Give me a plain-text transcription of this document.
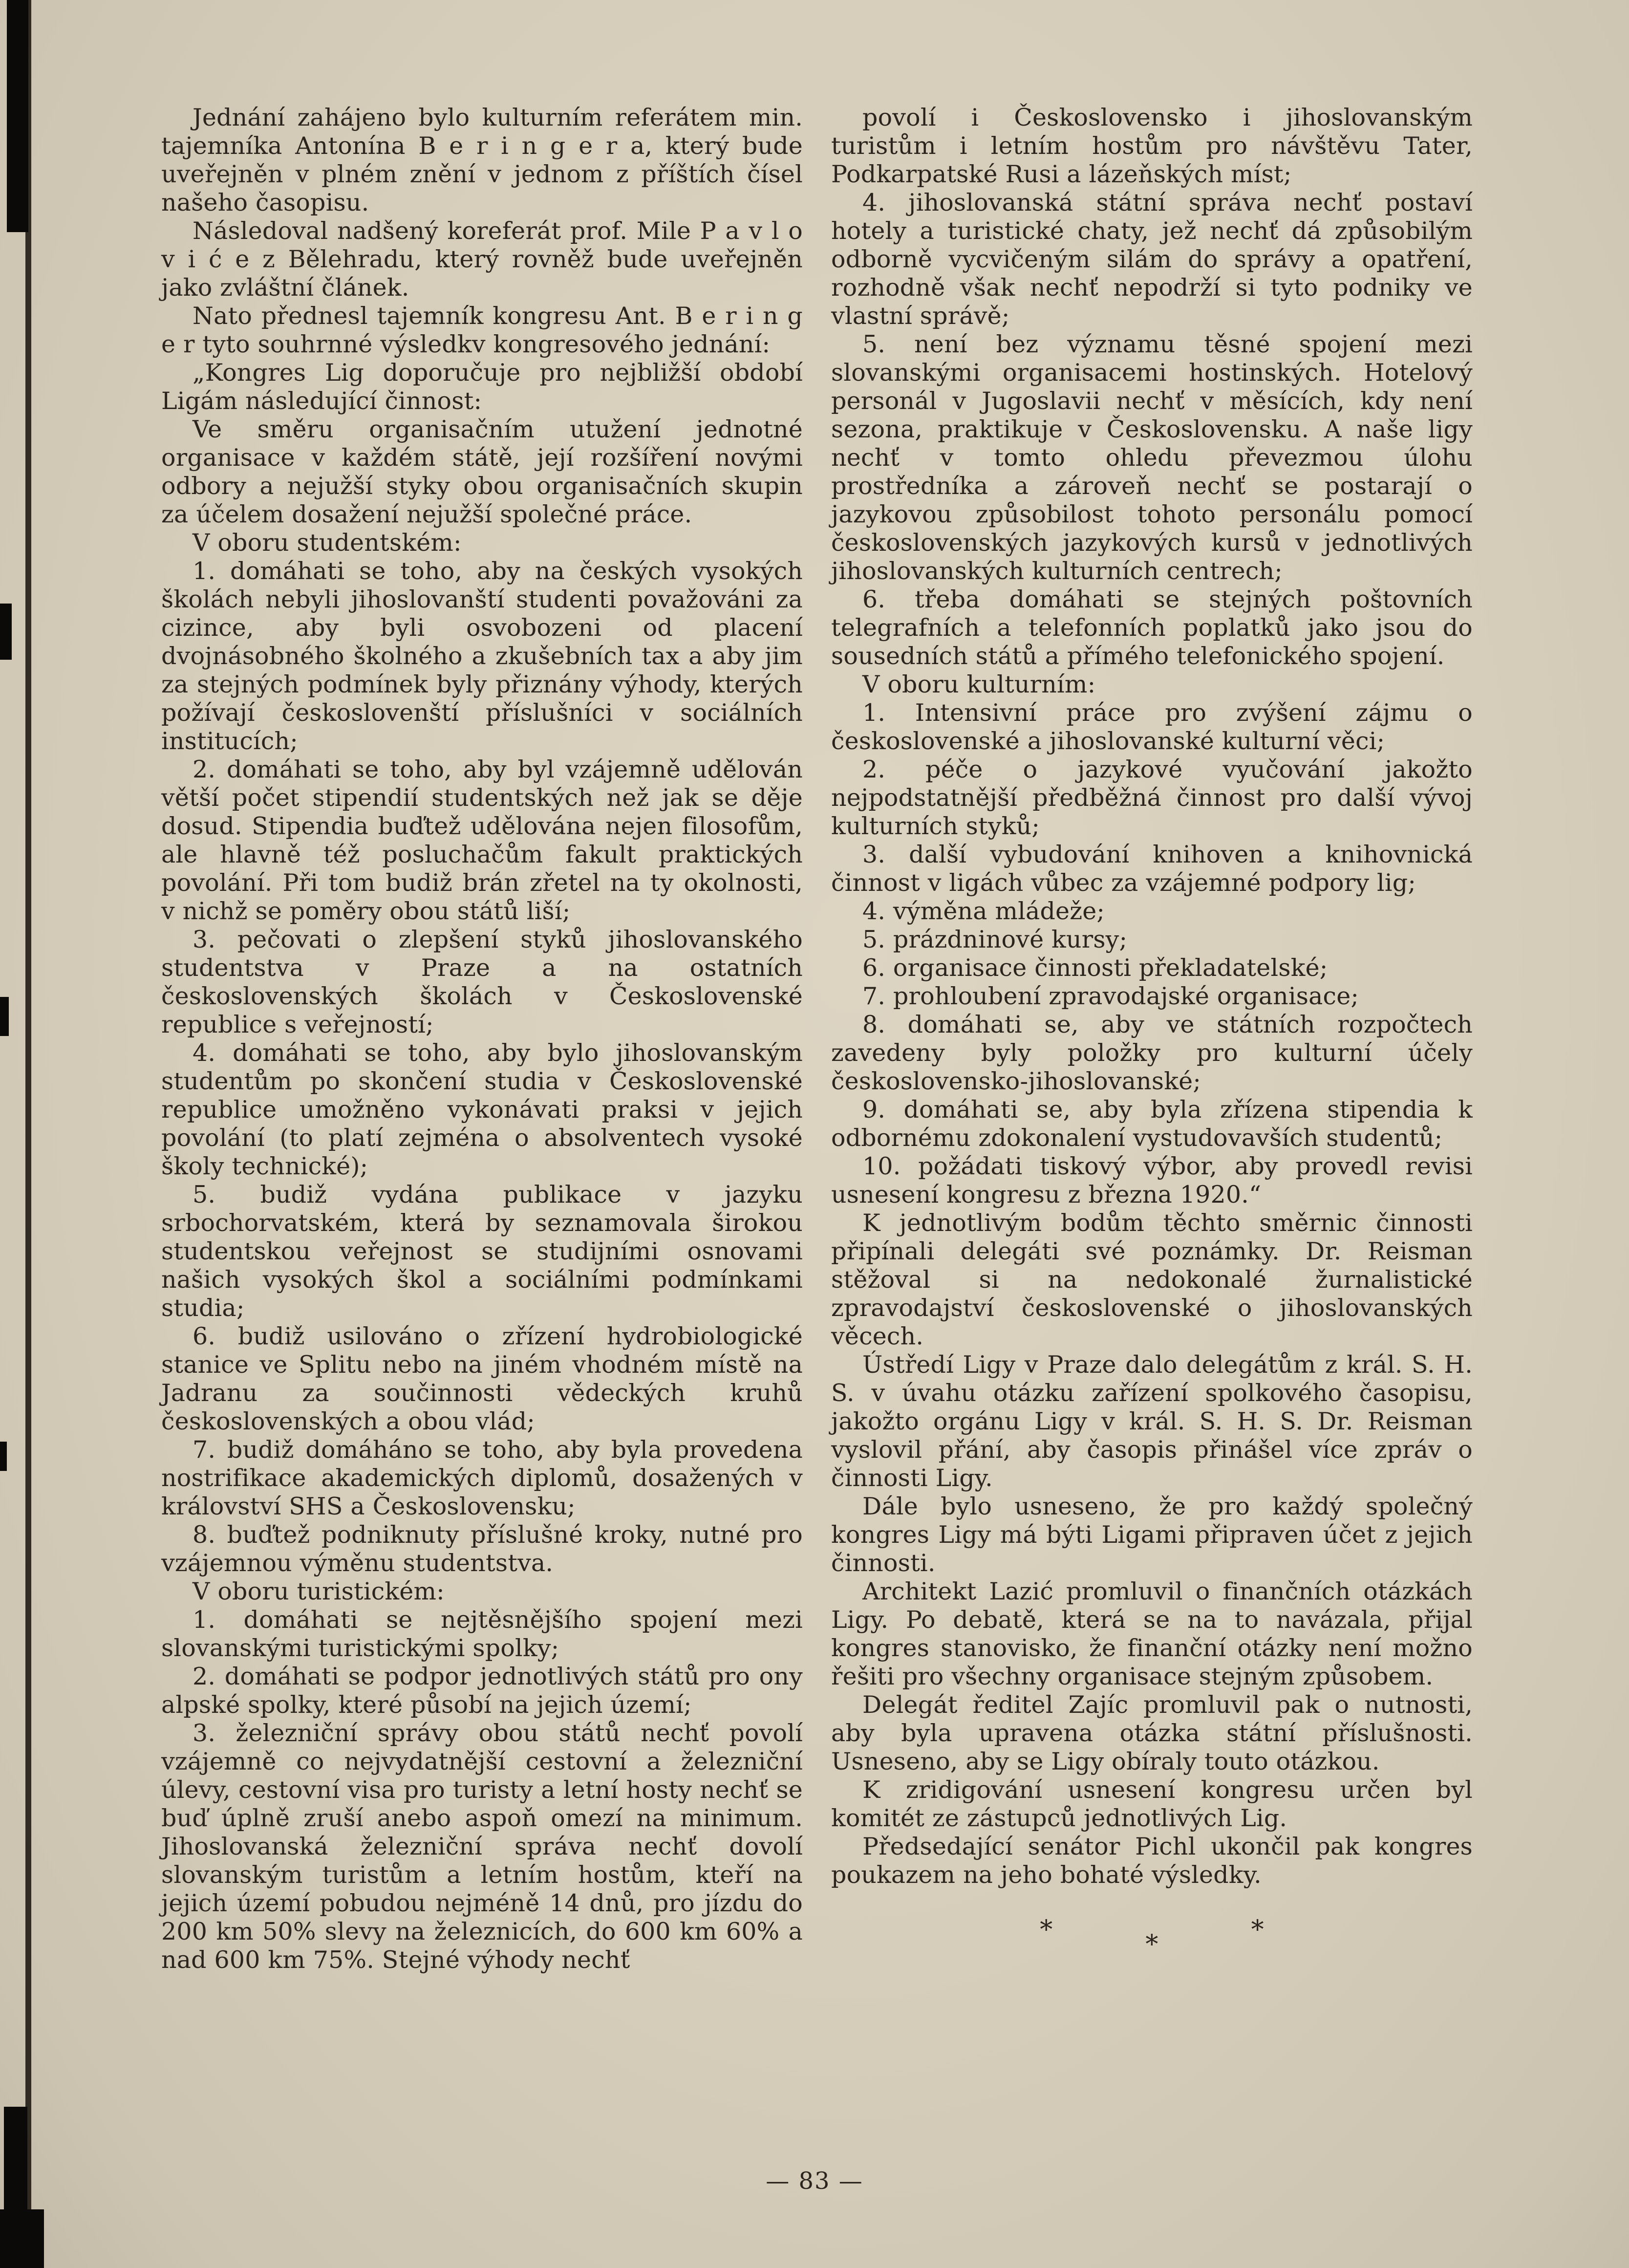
Jednání zahájeno bylo kulturním referátem min. tajemníka Antonína B e r i n g e r a, který bude uveřejněn v plném znění v jednom z příštích čísel našeho časopisu.

Následoval nadšený koreferát prof. Mile P a v l o v i ć e z Bělehradu, který rovněž bude uveřejněn jako zvláštní článek.

Nato přednesl tajemník kongresu Ant. B e r i n g e r tyto souhrnné výsledkv kongresového jednání:

„Kongres Lig doporučuje pro nejbližší období Ligám následující činnost:

Ve směru organisačním utužení jednotné organisace v každém státě, její rozšíření novými odbory a nejužší styky obou organisačních skupin za účelem dosažení nejužší společné práce.

V oboru studentském:

1. domáhati se toho, aby na českých vysokých školách nebyli jihoslovanští studenti považováni za cizince, aby byli osvobozeni od placení dvojnásobného školného a zkušebních tax a aby jim za stejných podmínek byly přiznány výhody, kterých požívají českoslovenští příslušníci v sociálních institucích;

2. domáhati se toho, aby byl vzájemně udělován větší počet stipendií studentských než jak se děje dosud. Stipendia buďtež udělována nejen filosofům, ale hlavně též posluchačům fakult praktických povolání. Při tom budiž brán zřetel na ty okolnosti, v nichž se poměry obou států liší;

3. pečovati o zlepšení styků jihoslovanského studentstva v Praze a na ostatních československých školách v Československé republice s veřejností;

4. domáhati se toho, aby bylo jihoslovanským studentům po skončení studia v Československé republice umožněno vykonávati praksi v jejich povolání (to platí zejména o absolventech vysoké školy technické);

5. budiž vydána publikace v jazyku srbochorvatském, která by seznamovala širokou studentskou veřejnost se studijními osnovami našich vysokých škol a sociálními podmínkami studia;

6. budiž usilováno o zřízení hydrobiologické stanice ve Splitu nebo na jiném vhodném místě na Jadranu za součinnosti vědeckých kruhů československých a obou vlád;

7. budiž domáháno se toho, aby byla provedena nostrifikace akademických diplomů, dosažených v království SHS a Československu;

8. buďtež podniknuty příslušné kroky, nutné pro vzájemnou výměnu studentstva.

V oboru turistickém:

1. domáhati se nejtěsnějšího spojení mezi slovanskými turistickými spolky;

2. domáhati se podpor jednotlivých států pro ony alpské spolky, které působí na jejich území;

3. železniční správy obou států nechť povolí vzájemně co nejvydatnější cestovní a železniční úlevy, cestovní visa pro turisty a letní hosty nechť se buď úplně zruší anebo aspoň omezí na minimum. Jihoslovanská železniční správa nechť dovolí slovanským turistům a letním hostům, kteří na jejich území pobudou nejméně 14 dnů, pro jízdu do 200 km 50% slevy na železnicích, do 600 km 60% a nad 600 km 75%. Stejné výhody nechť

povolí i Československo i jihoslovanským turistům i letním hostům pro návštěvu Tater, Podkarpatské Rusi a lázeňských míst;

4. jihoslovanská státní správa nechť postaví hotely a turistické chaty, jež nechť dá způsobilým odborně vycvičeným silám do správy a opatření, rozhodně však nechť nepodrží si tyto podniky ve vlastní správě;

5. není bez významu těsné spojení mezi slovanskými organisacemi hostinských. Hotelový personál v Jugoslavii nechť v měsících, kdy není sezona, praktikuje v Československu. A naše ligy nechť v tomto ohledu převezmou úlohu prostředníka a zároveň nechť se postarají o jazykovou způsobilost tohoto personálu pomocí československých jazykových kursů v jednotlivých jihoslovanských kulturních centrech;

6. třeba domáhati se stejných poštovních telegrafních a telefonních poplatků jako jsou do sousedních států a přímého telefonického spojení.

V oboru kulturním:

1. Intensivní práce pro zvýšení zájmu o československé a jihoslovanské kulturní věci;

2. péče o jazykové vyučování jakožto nejpodstatnější předběžná činnost pro další vývoj kulturních styků;

3. další vybudování knihoven a knihovnická činnost v ligách vůbec za vzájemné podpory lig;

4. výměna mládeže;

5. prázdninové kursy;

6. organisace činnosti překladatelské;

7. prohloubení zpravodajské organisace;

8. domáhati se, aby ve státních rozpočtech zavedeny byly položky pro kulturní účely československo-jihoslovanské;

9. domáhati se, aby byla zřízena stipendia k odbornému zdokonalení vystudovavších studentů;

10. požádati tiskový výbor, aby provedl revisi usnesení kongresu z března 1920.“

K jednotlivým bodům těchto směrnic činnosti připínali delegáti své poznámky. Dr. Reisman stěžoval si na nedokonalé žurnalistické zpravodajství československé o jihoslovanských věcech.

Ústředí Ligy v Praze dalo delegátům z král. S. H. S. v úvahu otázku zařízení spolkového časopisu, jakožto orgánu Ligy v král. S. H. S. Dr. Reisman vyslovil přání, aby časopis přinášel více zpráv o činnosti Ligy.

Dále bylo usneseno, že pro každý společný kongres Ligy má býti Ligami připraven účet z jejich činnosti.

Architekt Lazić promluvil o finančních otázkách Ligy. Po debatě, která se na to navázala, přijal kongres stanovisko, že finanční otázky není možno řešiti pro všechny organisace stejným způsobem.

Delegát ředitel Zajíc promluvil pak o nutnosti, aby byla upravena otázka státní příslušnosti. Usneseno, aby se Ligy obíraly touto otázkou.

K zridigování usnesení kongresu určen byl komitét ze zástupců jednotlivých Lig.

Předsedající senátor Pichl ukončil pak kongres poukazem na jeho bohaté výsledky.

*	*	*
— 83 —
